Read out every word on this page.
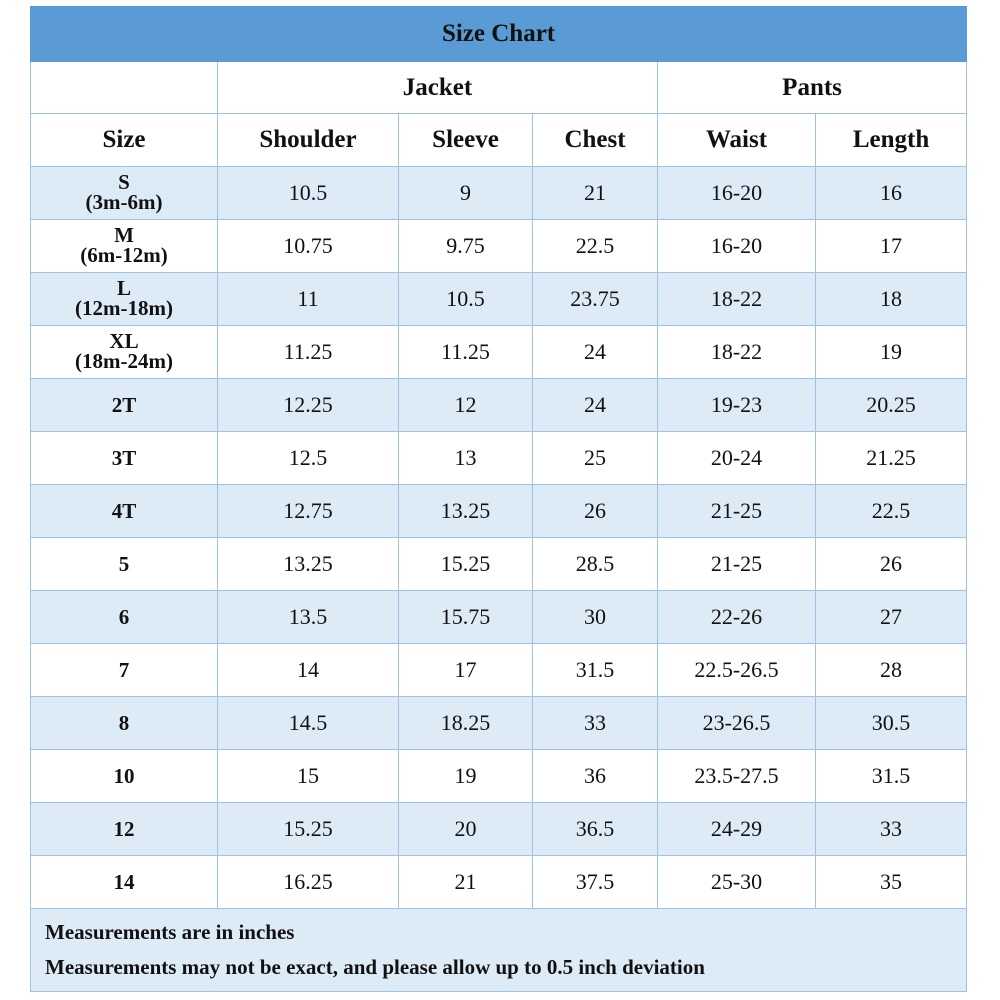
Size Chart					
	Jacket			Pants	
Size	Shoulder	Sleeve	Chest	Waist	Length

S
(3m-6m)	10.5	9	21	16-20	16

M
(6m-12m)	10.75	9.75	22.5	16-20	17

L
(12m-18m)	11	10.5	23.75	18-22	18

XL
(18m-24m)	11.25	11.25	24	18-22	19
2T	12.25	12	24	19-23	20.25
3T	12.5	13	25	20-24	21.25
4T	12.75	13.25	26	21-25	22.5
5	13.25	15.25	28.5	21-25	26
6	13.5	15.75	30	22-26	27
7	14	17	31.5	22.5-26.5	28
8	14.5	18.25	33	23-26.5	30.5
10	15	19	36	23.5-27.5	31.5
12	15.25	20	36.5	24-29	33
14	16.25	21	37.5	25-30	35

Measurements are in inches
Measurements may not be exact, and please allow up to 0.5 inch deviation					
